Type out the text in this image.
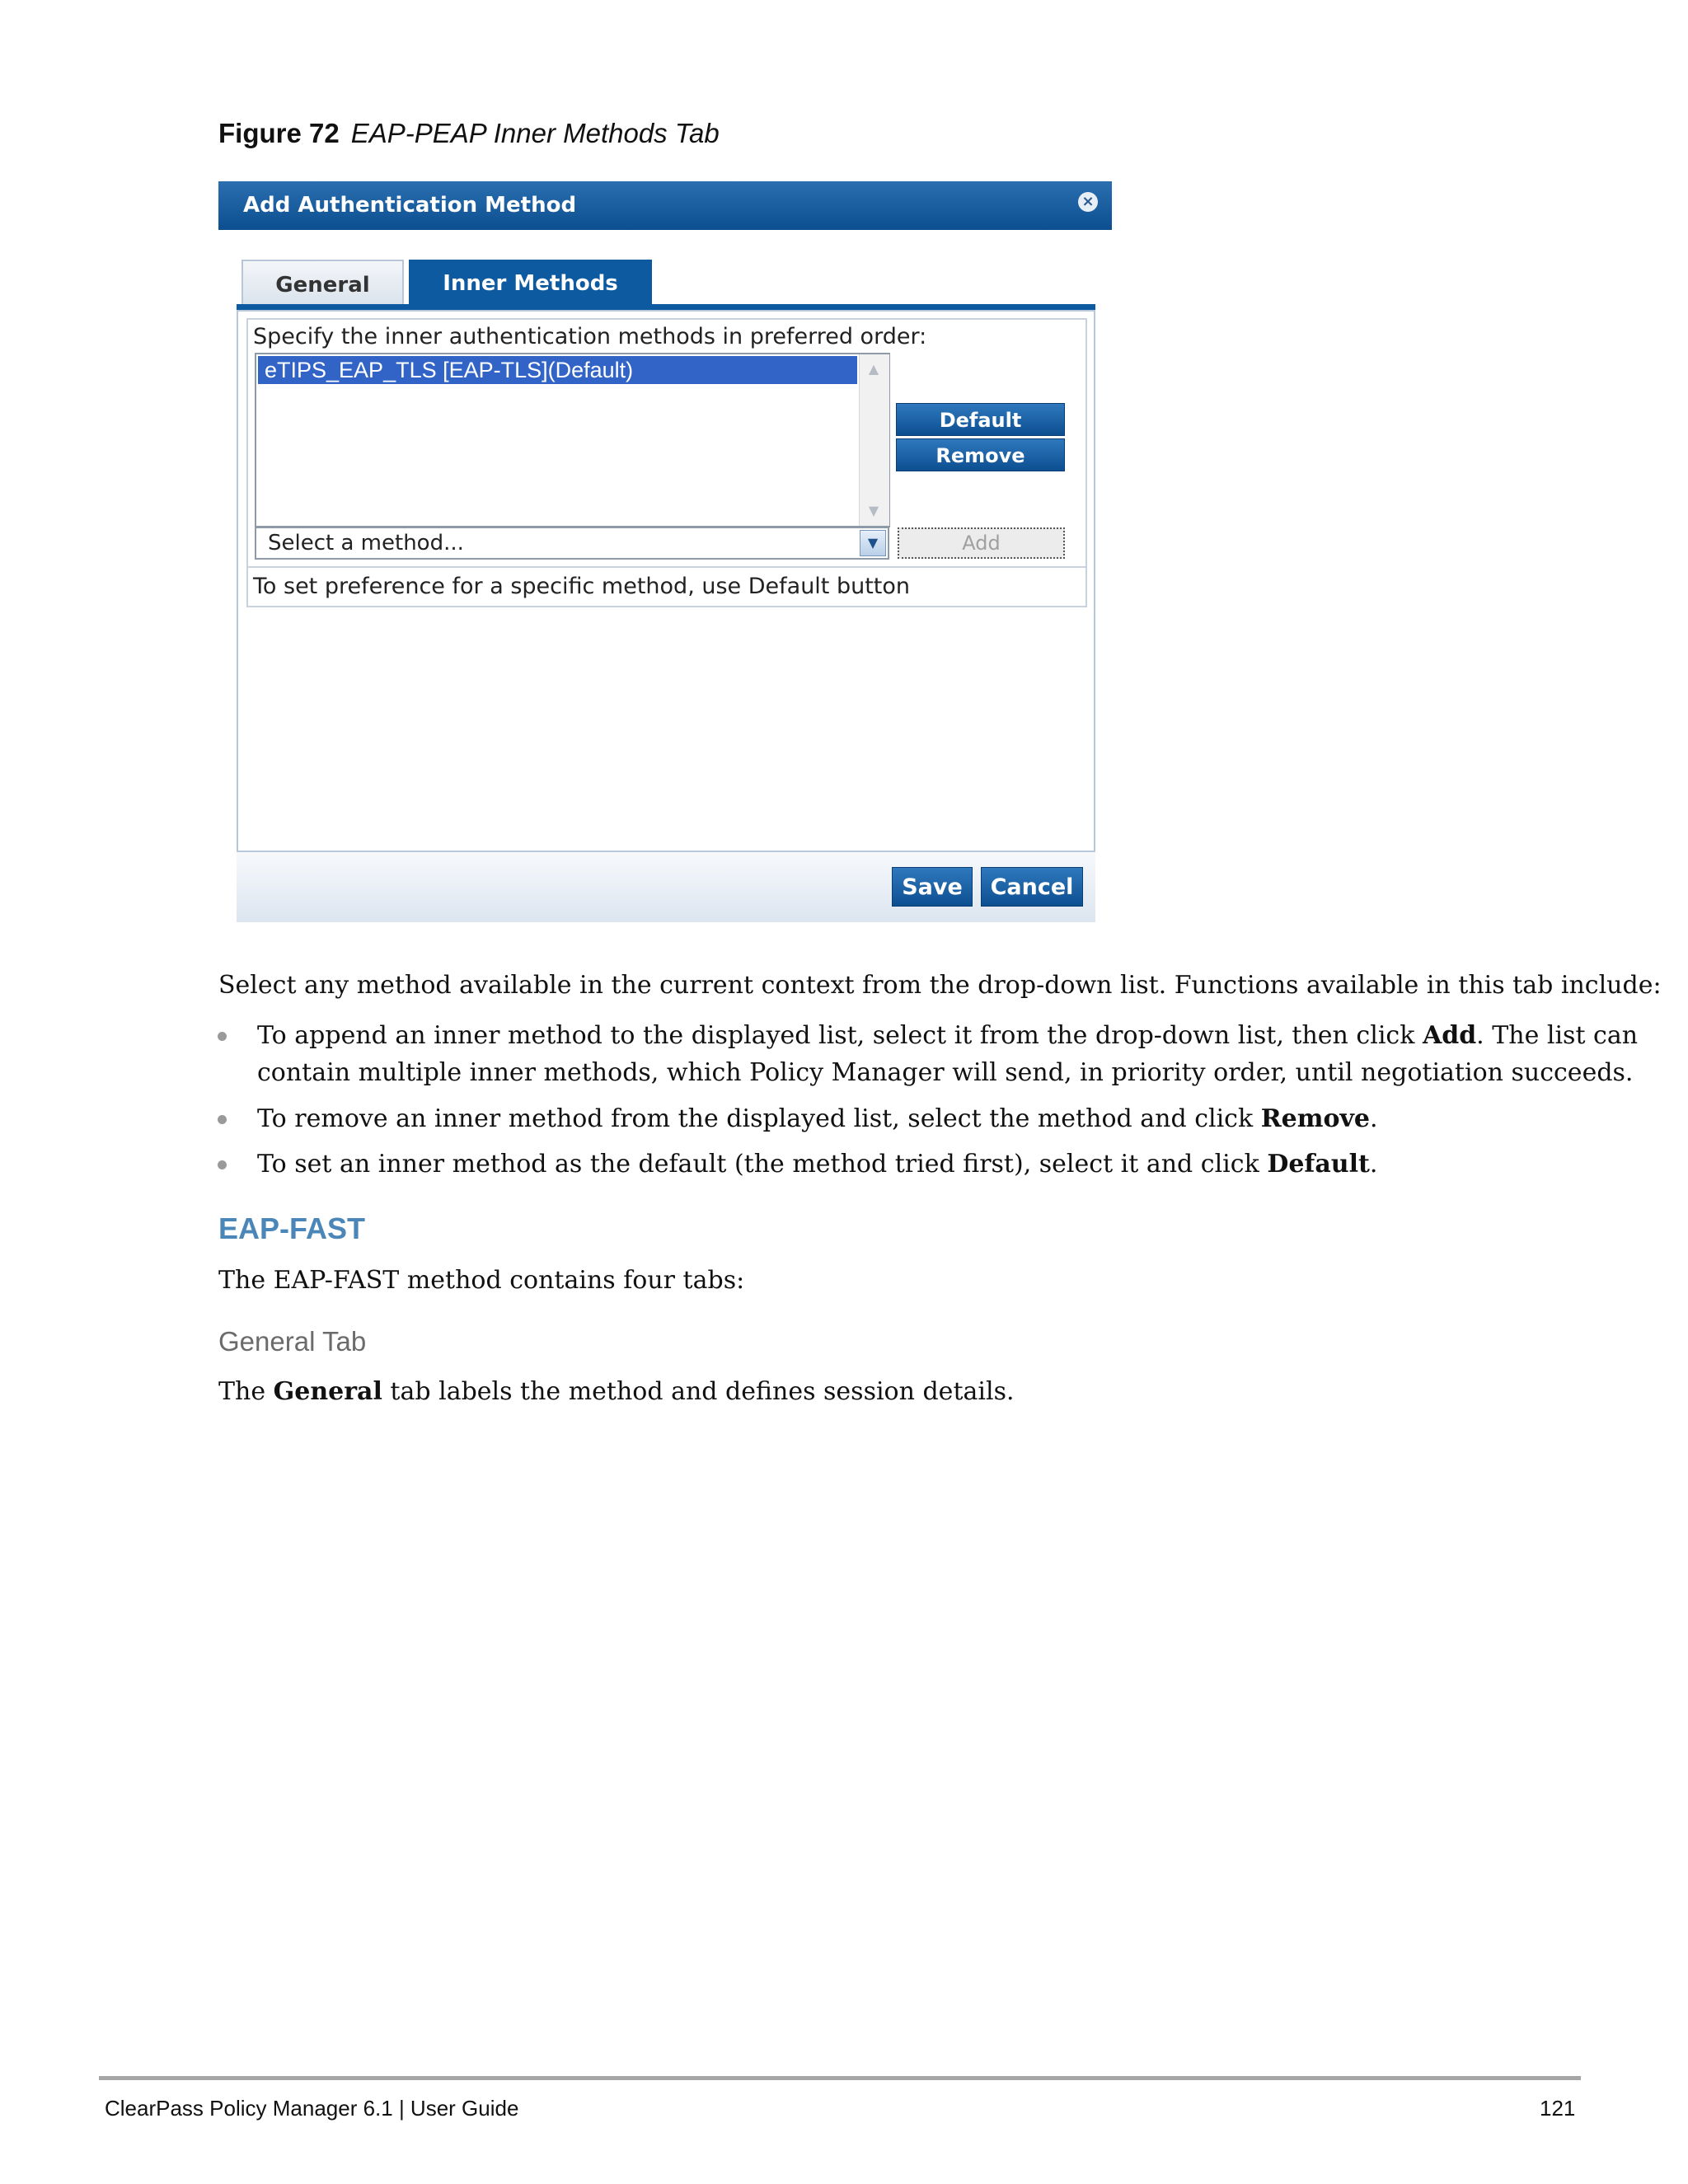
Figure 72 EAP-PEAP Inner Methods Tab
Add Authentication Method	×
General	Inner Methods
Specify the inner authentication methods in preferred order:
eTIPS_EAP_TLS [EAP-TLS](Default)	▲
▼
Default
Remove
Select a method...	▼	Add
To set preference for a specific method, use Default button
Save	Cancel
Select any method available in the current context from the drop-down list. Functions available in this tab include:
To append an inner method to the displayed list, select it from the drop-down list, then click Add. The list can
contain multiple inner methods, which Policy Manager will send, in priority order, until negotiation succeeds.
To remove an inner method from the displayed list, select the method and click Remove.
To set an inner method as the default (the method tried first), select it and click Default.
EAP-FAST
The EAP-FAST method contains four tabs:
General Tab
The General tab labels the method and defines session details.
ClearPass Policy Manager 6.1 | User Guide	121
